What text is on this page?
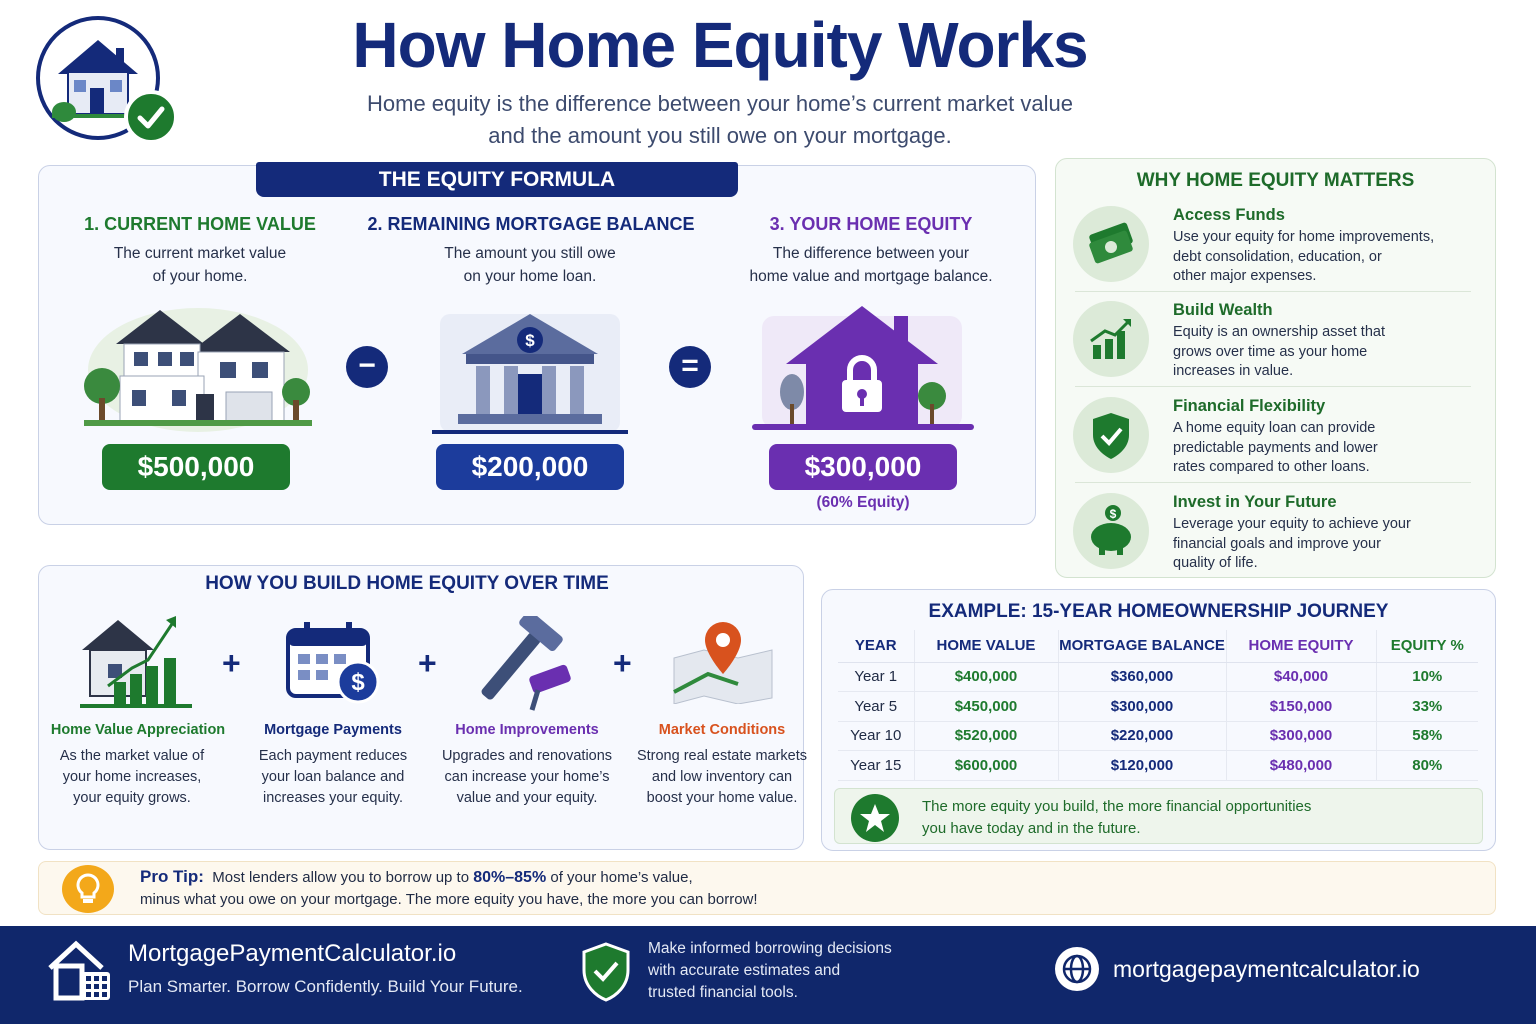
How Home Equity Works
Home equity is the difference between your home’s current market value
and the amount you still owe on your mortgage.
THE EQUITY FORMULA
1. CURRENT HOME VALUE
The current market value
of your home.
$500,000
−
2. REMAINING MORTGAGE BALANCE
The amount you still owe
on your home loan.
$
$200,000
=
3. YOUR HOME EQUITY
The difference between your
home value and mortgage balance.
$300,000
(60% Equity)
WHY HOME EQUITY MATTERS
Access Funds
Use your equity for home improvements,
debt consolidation, education, or
other major expenses.
Build Wealth
Equity is an ownership asset that
grows over time as your home
increases in value.
Financial Flexibility
A home equity loan can provide
predictable payments and lower
rates compared to other loans.
$
Invest in Your Future
Leverage your equity to achieve your
financial goals and improve your
quality of life.
HOW YOU BUILD HOME EQUITY OVER TIME
+
$
+	+
Home Value Appreciation
As the market value of
your home increases,
your equity grows.
Mortgage Payments
Each payment reduces
your loan balance and
increases your equity.
Home Improvements
Upgrades and renovations
can increase your home’s
value and your equity.
Market Conditions
Strong real estate markets
and low inventory can
boost your home value.
EXAMPLE: 15-YEAR HOMEOWNERSHIP JOURNEY
YEAR	HOME VALUE	MORTGAGE BALANCE	HOME EQUITY	EQUITY %
Year 1	$400,000	$360,000	$40,000	10%
Year 5	$450,000	$300,000	$150,000	33%
Year 10	$520,000	$220,000	$300,000	58%
Year 15	$600,000	$120,000	$480,000	80%
The more equity you build, the more financial opportunities
you have today and in the future.
Pro Tip: Most lenders allow you to borrow up to 80%–85% of your home’s value,
minus what you owe on your mortgage. The more equity you have, the more you can borrow!
MortgagePaymentCalculator.io
Plan Smarter. Borrow Confidently. Build Your Future.
Make informed borrowing decisions
with accurate estimates and
trusted financial tools.
mortgagepaymentcalculator.io
